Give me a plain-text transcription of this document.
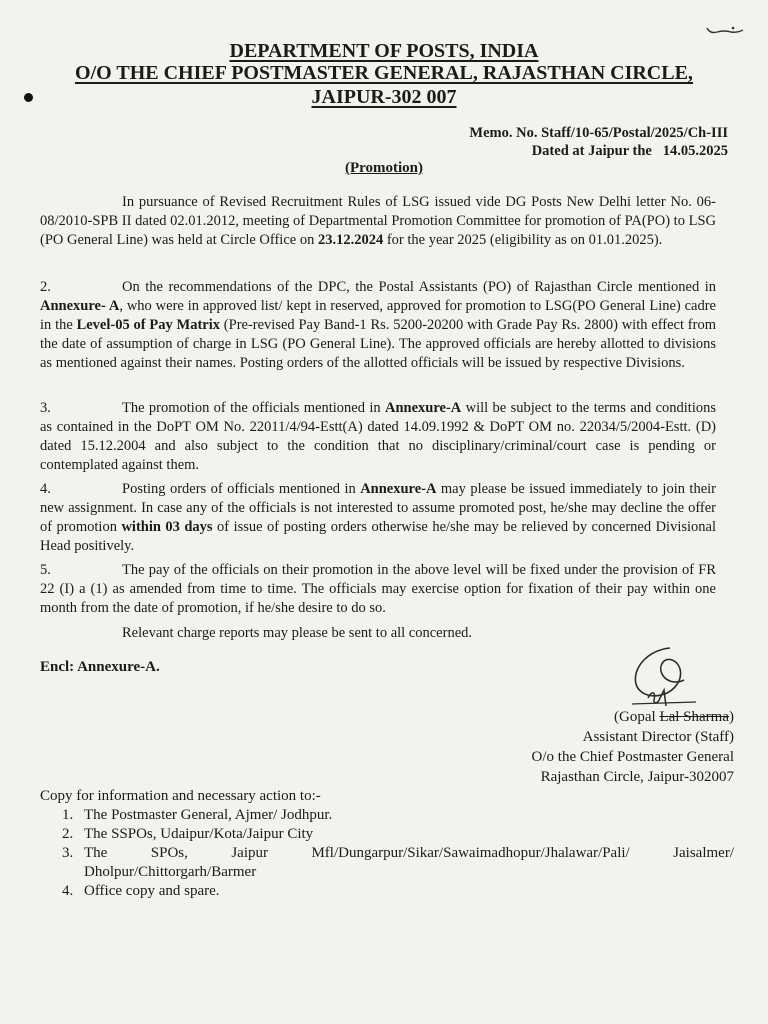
DEPARTMENT OF POSTS, INDIA
O/O THE CHIEF POSTMASTER GENERAL, RAJASTHAN CIRCLE,
JAIPUR-302 007
Memo. No. Staff/10-65/Postal/2025/Ch-III
Dated at Jaipur the 14.05.2025
(Promotion)
In pursuance of Revised Recruitment Rules of LSG issued vide DG Posts New Delhi letter No. 06-08/2010-SPB II dated 02.01.2012, meeting of Departmental Promotion Committee for promotion of PA(PO) to LSG (PO General Line) was held at Circle Office on 23.12.2024 for the year 2025 (eligibility as on 01.01.2025).
2.	On the recommendations of the DPC, the Postal Assistants (PO) of Rajasthan Circle mentioned in Annexure- A, who were in approved list/ kept in reserved, approved for promotion to LSG(PO General Line) cadre in the Level-05 of Pay Matrix (Pre-revised Pay Band-1 Rs. 5200-20200 with Grade Pay Rs. 2800) with effect from the date of assumption of charge in LSG (PO General Line). The approved officials are hereby allotted to divisions as mentioned against their names. Posting orders of the allotted officials will be issued by respective Divisions.
3.	The promotion of the officials mentioned in Annexure-A will be subject to the terms and conditions as contained in the DoPT OM No. 22011/4/94-Estt(A) dated 14.09.1992 & DoPT OM no. 22034/5/2004-Estt. (D) dated 15.12.2004 and also subject to the condition that no disciplinary/criminal/court case is pending or contemplated against them.
4.	Posting orders of officials mentioned in Annexure-A may please be issued immediately to join their new assignment. In case any of the officials is not interested to assume promoted post, he/she may decline the offer of promotion within 03 days of issue of posting orders otherwise he/she may be relieved by concerned Divisional Head positively.
5.	The pay of the officials on their promotion in the above level will be fixed under the provision of FR 22 (I) a (1) as amended from time to time. The officials may exercise option for fixation of their pay within one month from the date of promotion, if he/she desire to do so.
Relevant charge reports may please be sent to all concerned.
Encl: Annexure-A.
(Gopal Lal Sharma)
Assistant Director (Staff)
O/o the Chief Postmaster General
Rajasthan Circle, Jaipur-302007
Copy for information and necessary action to:-
1. The Postmaster General, Ajmer/ Jodhpur.
2. The SSPOs, Udaipur/Kota/Jaipur City
3. The SPOs, Jaipur Mfl/Dungarpur/Sikar/Sawaimadhopur/Jhalawar/Pali/ Jaisalmer/ Dholpur/Chittorgarh/Barmer
4. Office copy and spare.
